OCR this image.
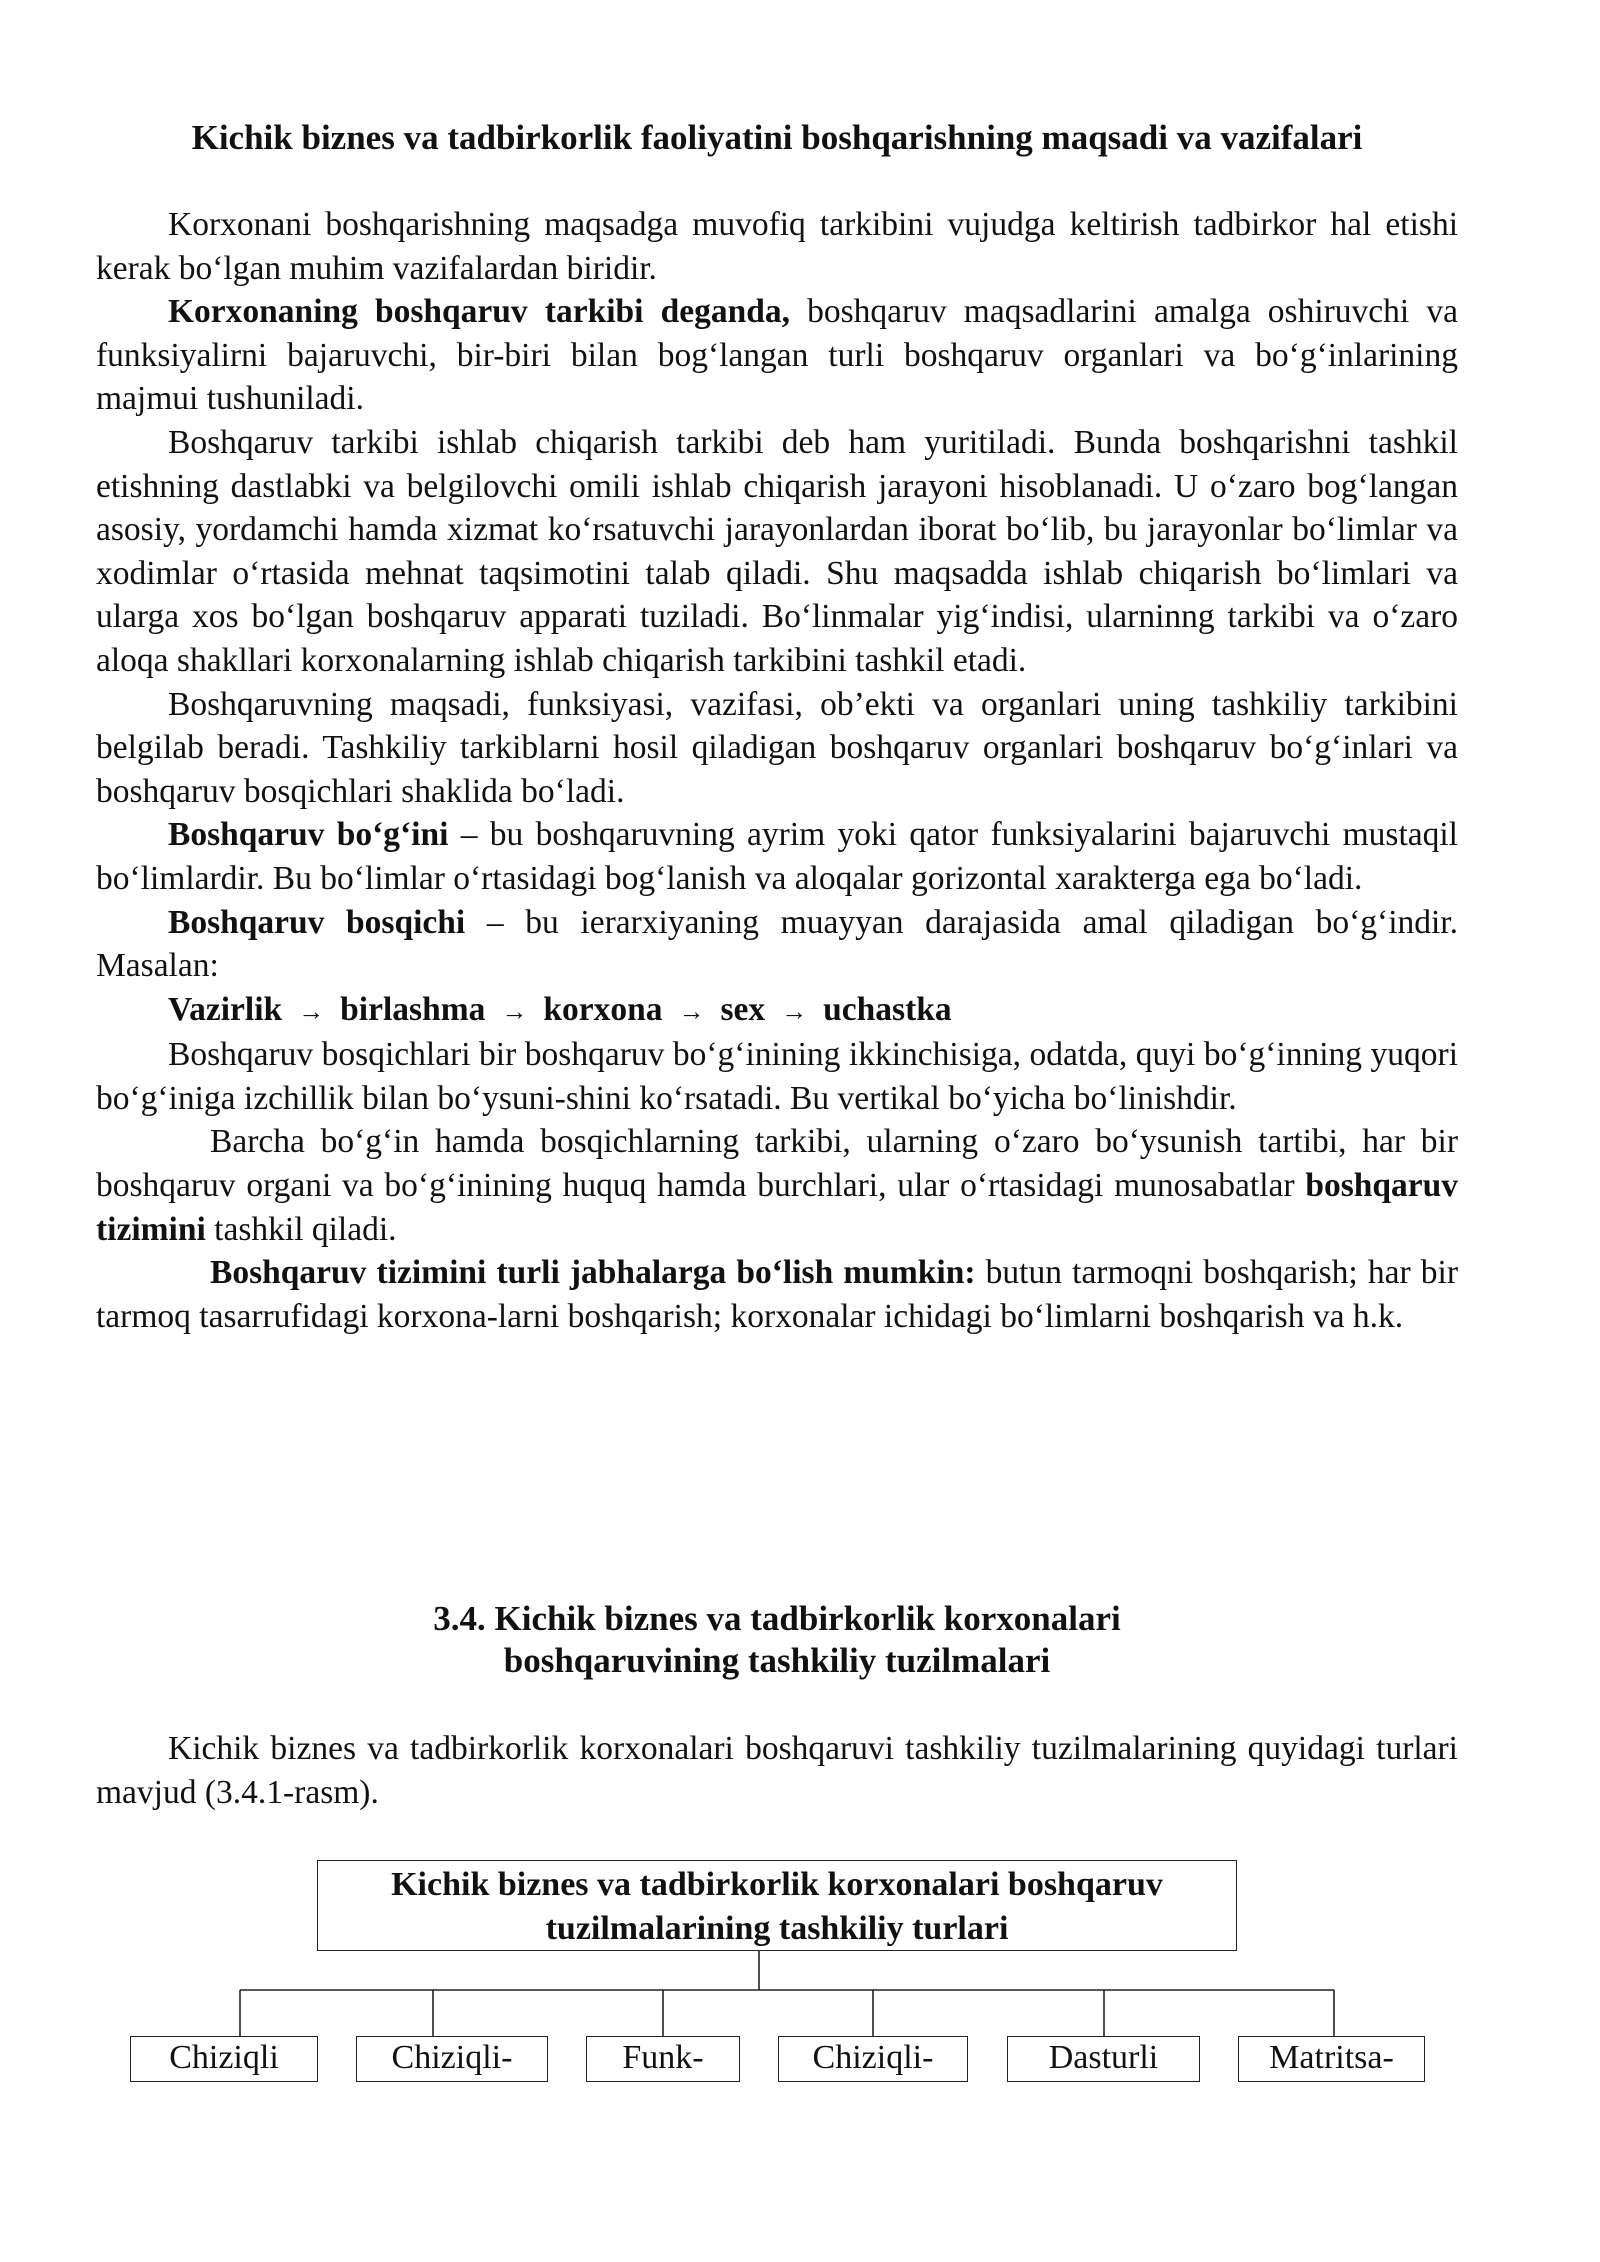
Kichik biznes va tadbirkorlik faoliyatini boshqarishning maqsadi va vazifalari

Korxonani boshqarishning maqsadga muvofiq tarkibini vujudga keltirish tadbirkor hal etishi kerak bo‘lgan muhim vazifalardan biridir.

Korxonaning boshqaruv tarkibi deganda, boshqaruv maqsadlarini amalga oshiruvchi va funksiyalirni bajaruvchi, bir-biri bilan bog‘langan turli boshqaruv organlari va bo‘g‘inlarining majmui tushuniladi.

Boshqaruv tarkibi ishlab chiqarish tarkibi deb ham yuritiladi. Bunda boshqarishni tashkil etishning dastlabki va belgilovchi omili ishlab chiqarish jarayoni hisoblanadi. U o‘zaro bog‘langan asosiy, yordamchi hamda xizmat ko‘rsatuvchi jarayonlardan iborat bo‘lib, bu jarayonlar bo‘limlar va xodimlar o‘rtasida mehnat taqsimotini talab qiladi. Shu maqsadda ishlab chiqarish bo‘limlari va ularga xos bo‘lgan boshqaruv apparati tuziladi. Bo‘linmalar yig‘indisi, ularninng tarkibi va o‘zaro aloqa shakllari korxonalarning ishlab chiqarish tarkibini tashkil etadi.

Boshqaruvning maqsadi, funksiyasi, vazifasi, ob’ekti va organlari uning tashkiliy tarkibini belgilab beradi. Tashkiliy tarkiblarni hosil qiladigan boshqaruv organlari boshqaruv bo‘g‘inlari va boshqaruv bosqichlari shaklida bo‘ladi.

Boshqaruv bo‘g‘ini – bu boshqaruvning ayrim yoki qator funksiyalarini bajaruvchi mustaqil bo‘limlardir. Bu bo‘limlar o‘rtasidagi bog‘lanish va aloqalar gorizontal xarakterga ega bo‘ladi.

Boshqaruv bosqichi – bu ierarxiyaning muayyan darajasida amal qiladigan bo‘g‘indir. Masalan:

Vazirlik → birlashma → korxona → sex → uchastka

Boshqaruv bosqichlari bir boshqaruv bo‘g‘inining ikkinchisiga, odatda, quyi bo‘g‘inning yuqori bo‘g‘iniga izchillik bilan bo‘ysuni-shini ko‘rsatadi. Bu vertikal bo‘yicha bo‘linishdir.

Barcha bo‘g‘in hamda bosqichlarning tarkibi, ularning o‘zaro bo‘ysunish tartibi, har bir boshqaruv organi va bo‘g‘inining huquq hamda burchlari, ular o‘rtasidagi munosabatlar boshqaruv tizimini tashkil qiladi.

Boshqaruv tizimini turli jabhalarga bo‘lish mumkin: butun tarmoqni boshqarish; har bir tarmoq tasarrufidagi korxona-larni boshqarish; korxonalar ichidagi bo‘limlarni boshqarish va h.k.

3.4. Kichik biznes va tadbirkorlik korxonalari
boshqaruvining tashkiliy tuzilmalari

Kichik biznes va tadbirkorlik korxonalari boshqaruvi tashkiliy tuzilmalarining quyidagi turlari mavjud (3.4.1-rasm).

Kichik biznes va tadbirkorlik korxonalari boshqaruv
tuzilmalarining tashkiliy turlari
Chiziqli	Chiziqli-	Funk-	Chiziqli-	Dasturli	Matritsa-
